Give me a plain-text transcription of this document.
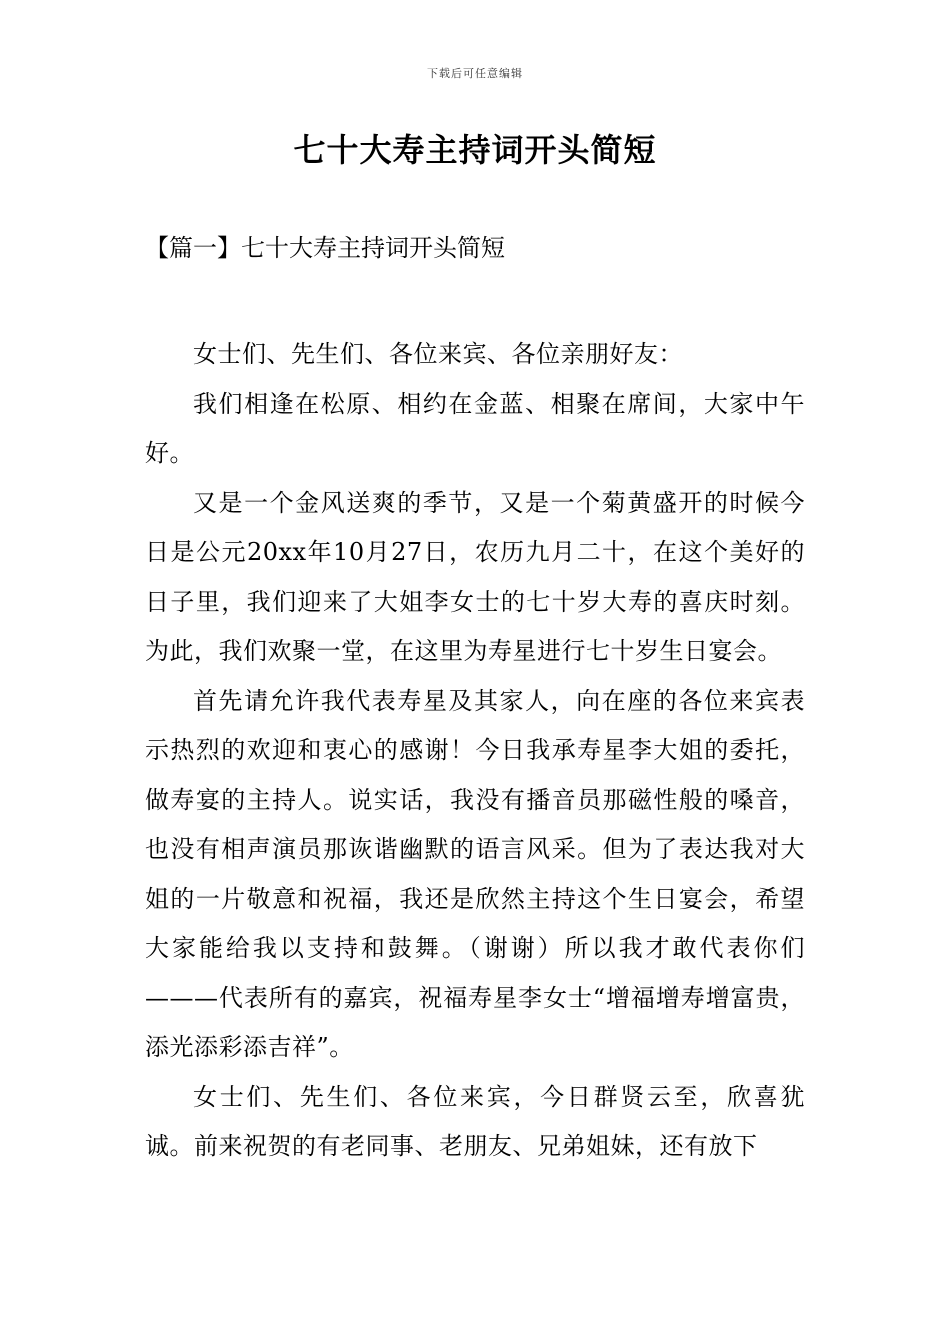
下载后可任意编辑
七十大寿主持词开头简短
【篇一】七十大寿主持词开头简短

女士们、先生们、各位来宾、各位亲朋好友：

我们相逢在松原、相约在金蓝、相聚在席间，大家中午好。

又是一个金风送爽的季节，又是一个菊黄盛开的时候今日是公元20xx年10月27日，农历九月二十，在这个美好的日子里，我们迎来了大姐李女士的七十岁大寿的喜庆时刻。为此，我们欢聚一堂，在这里为寿星进行七十岁生日宴会。

首先请允许我代表寿星及其家人，向在座的各位来宾表示热烈的欢迎和衷心的感谢！今日我承寿星李大姐的委托，做寿宴的主持人。说实话，我没有播音员那磁性般的嗓音，也没有相声演员那诙谐幽默的语言风采。但为了表达我对大姐的一片敬意和祝福，我还是欣然主持这个生日宴会，希望大家能给我以支持和鼓舞。（谢谢）所以我才敢代表你们———代表所有的嘉宾，祝福寿星李女士“增福增寿增富贵，添光添彩添吉祥”。

女士们、先生们、各位来宾，今日群贤云至，欣喜犹诚。前来祝贺的有老同事、老朋友、兄弟姐妹，还有放下
